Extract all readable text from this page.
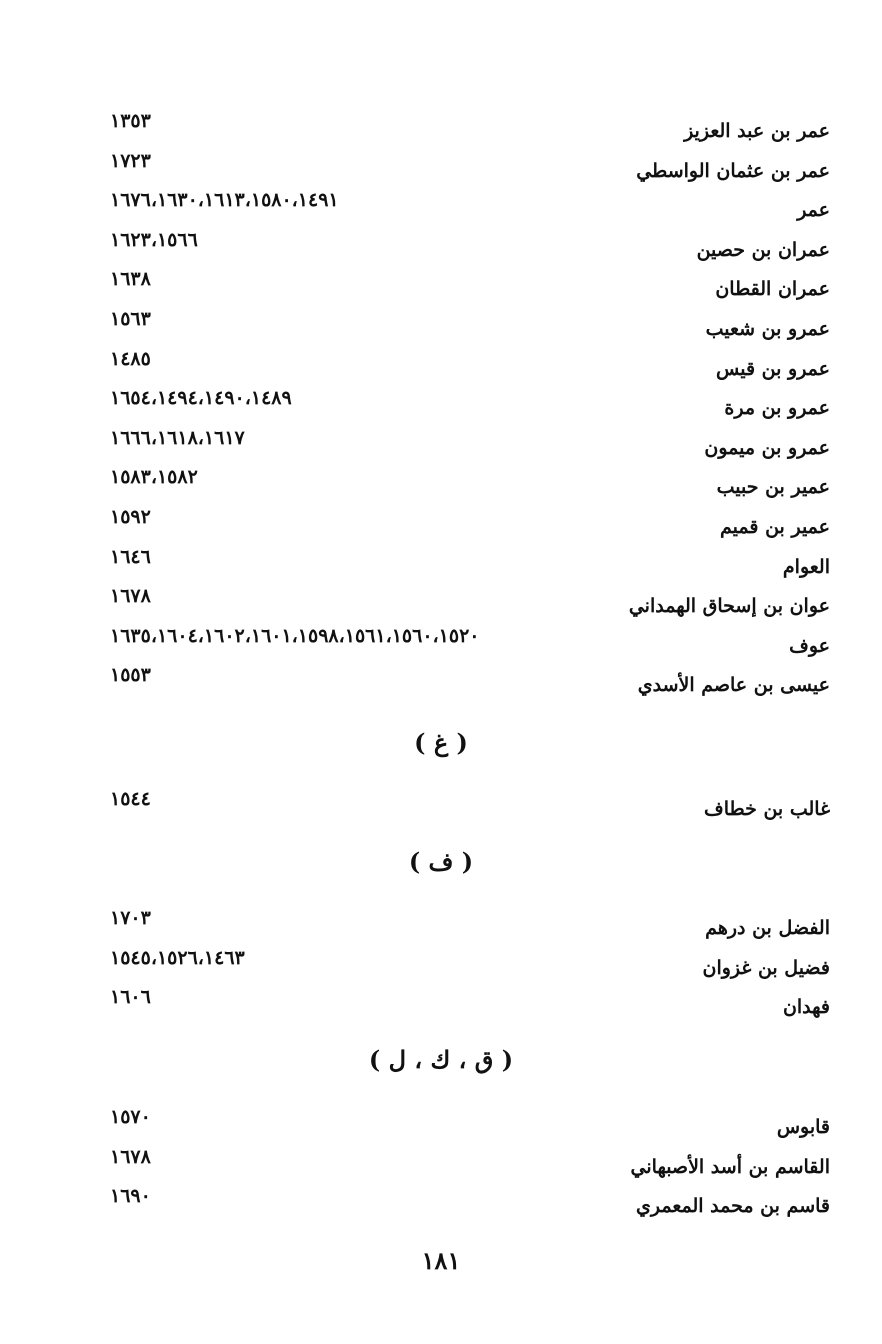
عمر بن عبد العزيز
١٣٥٣
عمر بن عثمان الواسطي
١٧٢٣
عمر
١٦٧٦،١٦٣٠،١٦١٣،١٥٨٠،١٤٩١
عمران بن حصين
١٦٢٣،١٥٦٦
عمران القطان
١٦٣٨
عمرو بن شعيب
١٥٦٣
عمرو بن قيس
١٤٨٥
عمرو بن مرة
١٦٥٤،١٤٩٤،١٤٩٠،١٤٨٩
عمرو بن ميمون
١٦٦٦،١٦١٨،١٦١٧
عمير بن حبيب
١٥٨٣،١٥٨٢
عمير بن قميم
١٥٩٢
العوام
١٦٤٦
عوان بن إسحاق الهمداني
١٦٧٨
عوف
١٦٣٥،١٦٠٤،١٦٠٢،١٦٠١،١٥٩٨،١٥٦١،١٥٦٠،١٥٢٠
عيسى بن عاصم الأسدي
١٥٥٣
( غ )
غالب بن خطاف
١٥٤٤
( ف )
الفضل بن درهم
١٧٠٣
فضيل بن غزوان
١٥٤٥،١٥٢٦،١٤٦٣
فهدان
١٦٠٦
( ق ، ك ، ل )
قابوس
١٥٧٠
القاسم بن أسد الأصبهاني
١٦٧٨
قاسم بن محمد المعمري
١٦٩٠
١٨١
